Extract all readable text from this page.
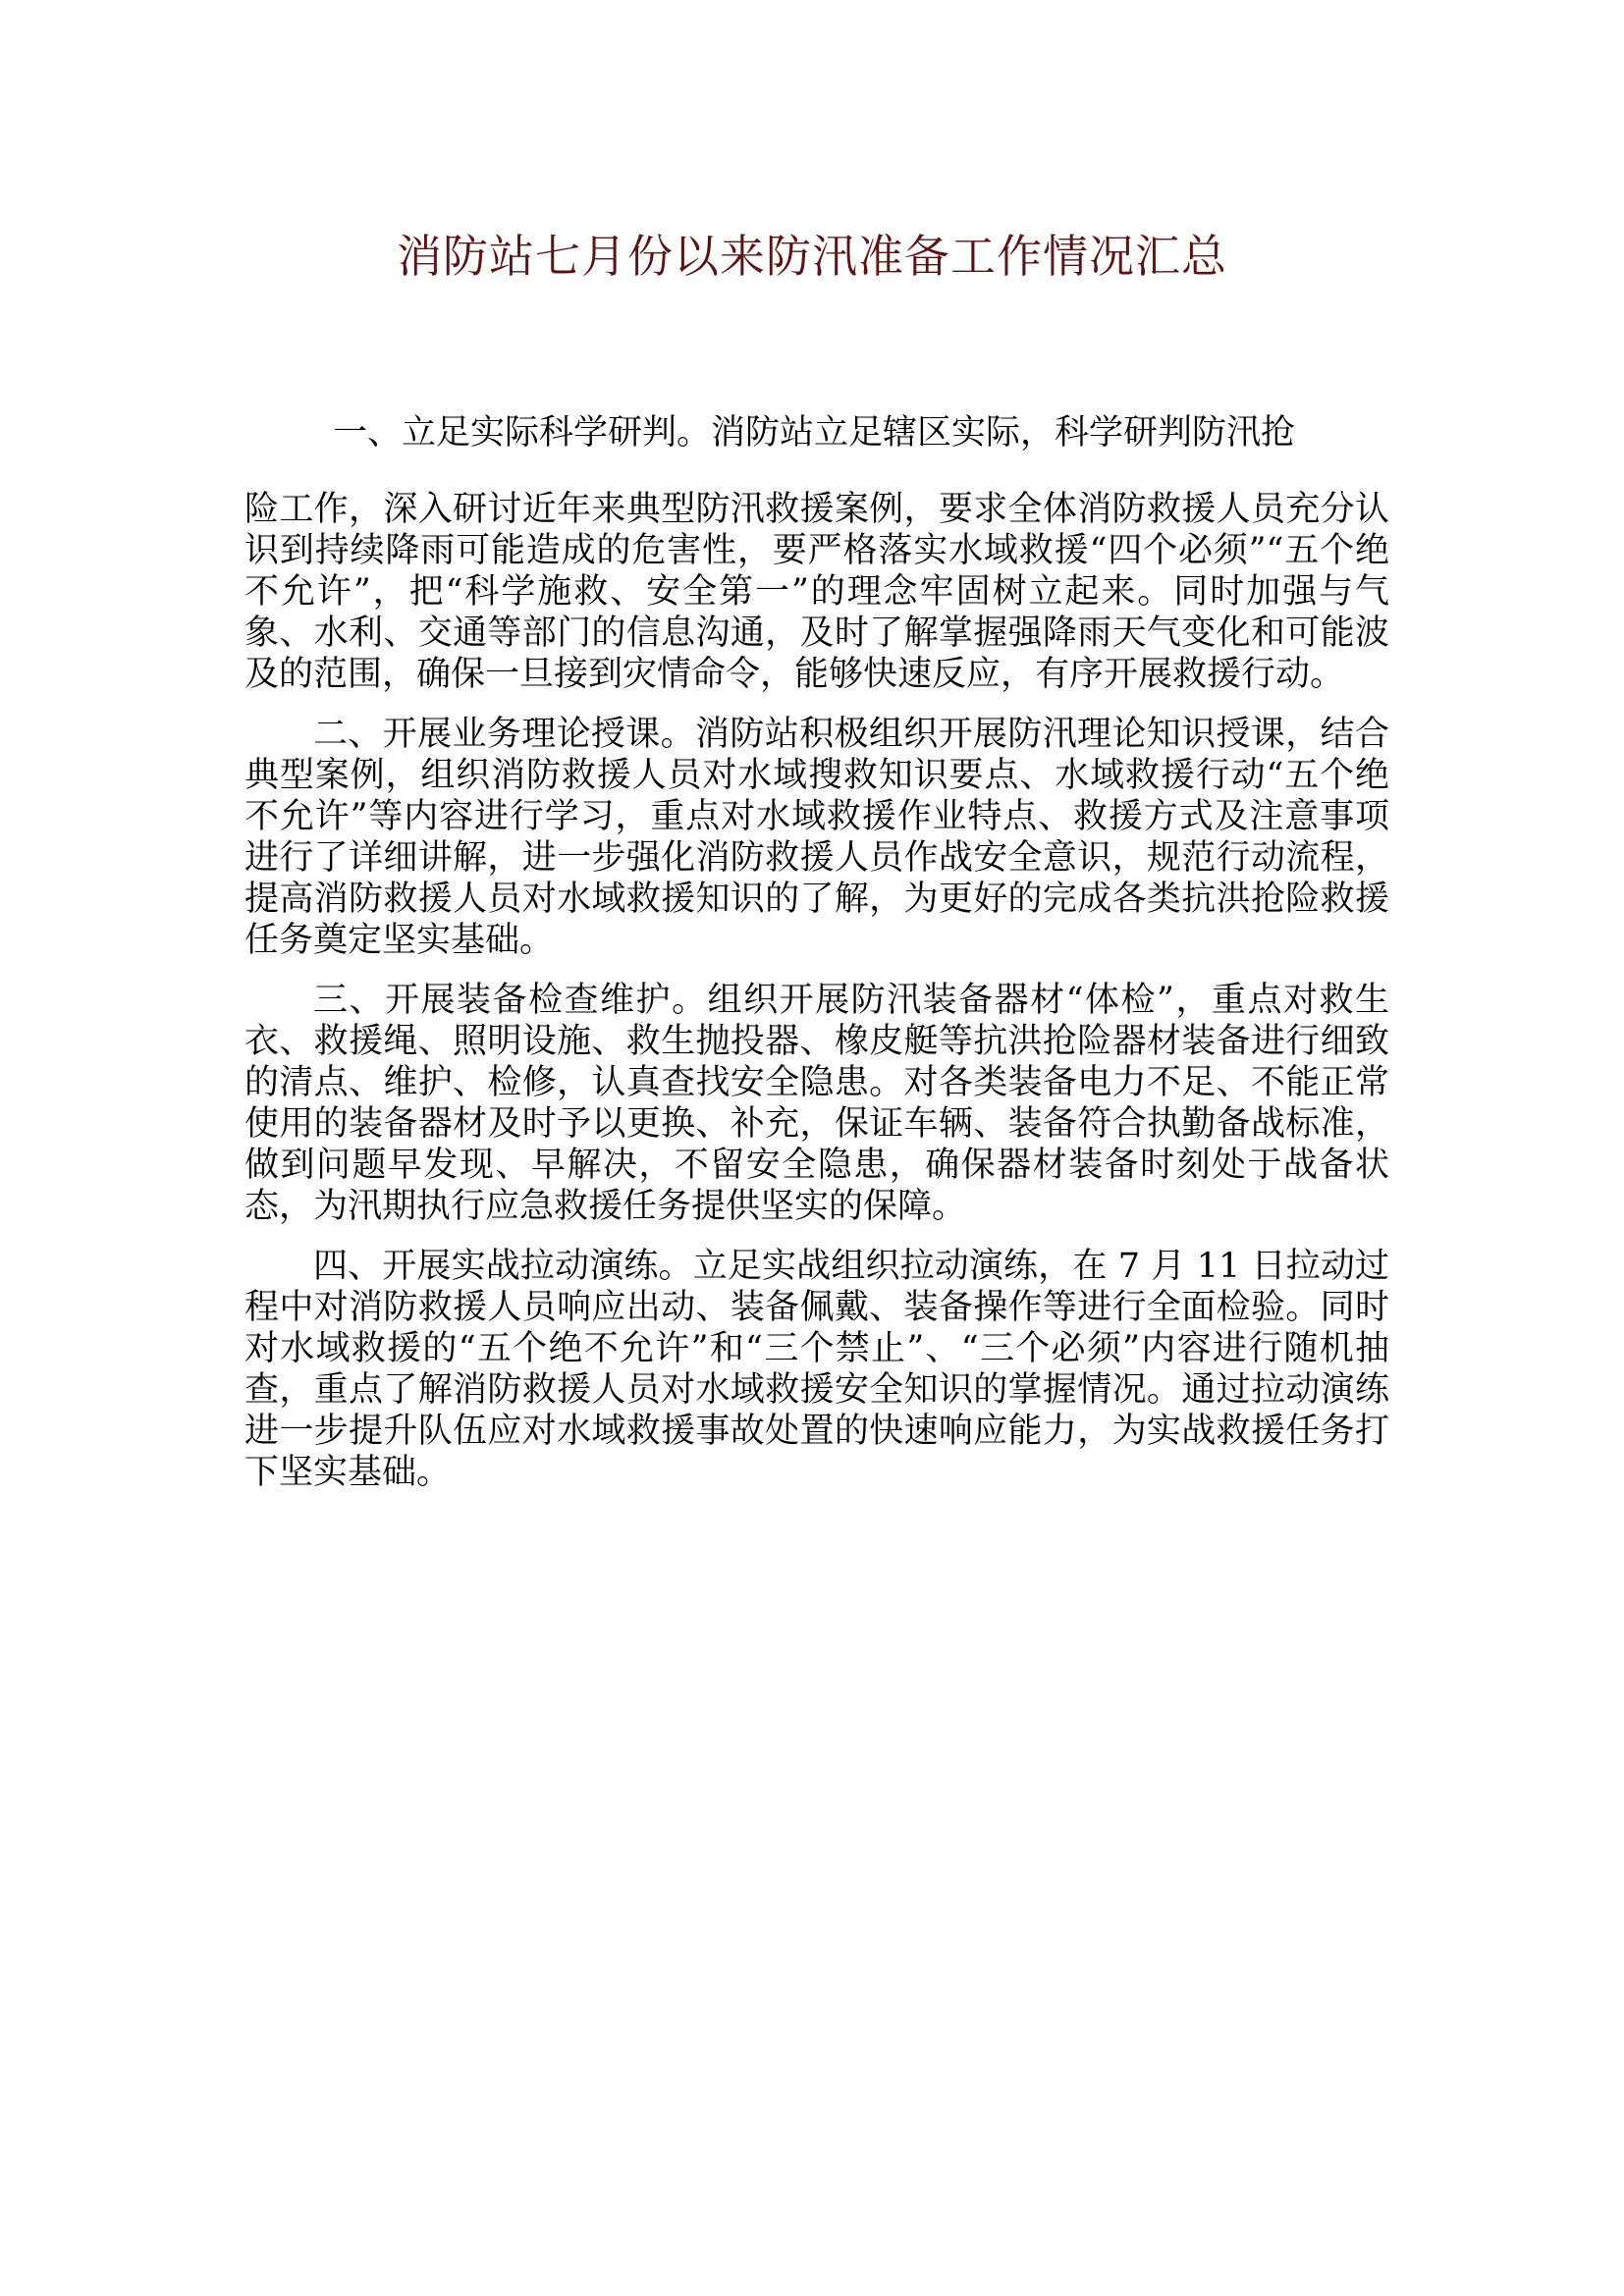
消防站七月份以来防汛准备工作情况汇总

一、立足实际科学研判。消防站立足辖区实际，科学研判防汛抢
险工作，深入研讨近年来典型防汛救援案例，要求全体消防救援人员充分认识到持续降雨可能造成的危害性，要严格落实水域救援“四个必须”“五个绝不允许”，把“科学施救、安全第一”的理念牢固树立起来。同时加强与气象、水利、交通等部门的信息沟通，及时了解掌握强降雨天气变化和可能波及的范围，确保一旦接到灾情命令，能够快速反应，有序开展救援行动。

二、开展业务理论授课。消防站积极组织开展防汛理论知识授课，结合典型案例，组织消防救援人员对水域搜救知识要点、水域救援行动“五个绝不允许”等内容进行学习，重点对水域救援作业特点、救援方式及注意事项进行了详细讲解，进一步强化消防救援人员作战安全意识，规范行动流程，提高消防救援人员对水域救援知识的了解，为更好的完成各类抗洪抢险救援任务奠定坚实基础。

三、开展装备检查维护。组织开展防汛装备器材“体检”，重点对救生衣、救援绳、照明设施、救生抛投器、橡皮艇等抗洪抢险器材装备进行细致的清点、维护、检修，认真查找安全隐患。对各类装备电力不足、不能正常使用的装备器材及时予以更换、补充，保证车辆、装备符合执勤备战标准，做到问题早发现、早解决，不留安全隐患，确保器材装备时刻处于战备状态，为汛期执行应急救援任务提供坚实的保障。

四、开展实战拉动演练。立足实战组织拉动演练，在 7 月 11 日拉动过程中对消防救援人员响应出动、装备佩戴、装备操作等进行全面检验。同时对水域救援的“五个绝不允许”和“三个禁止”、“三个必须”内容进行随机抽查，重点了解消防救援人员对水域救援安全知识的掌握情况。通过拉动演练进一步提升队伍应对水域救援事故处置的快速响应能力，为实战救援任务打下坚实基础。
